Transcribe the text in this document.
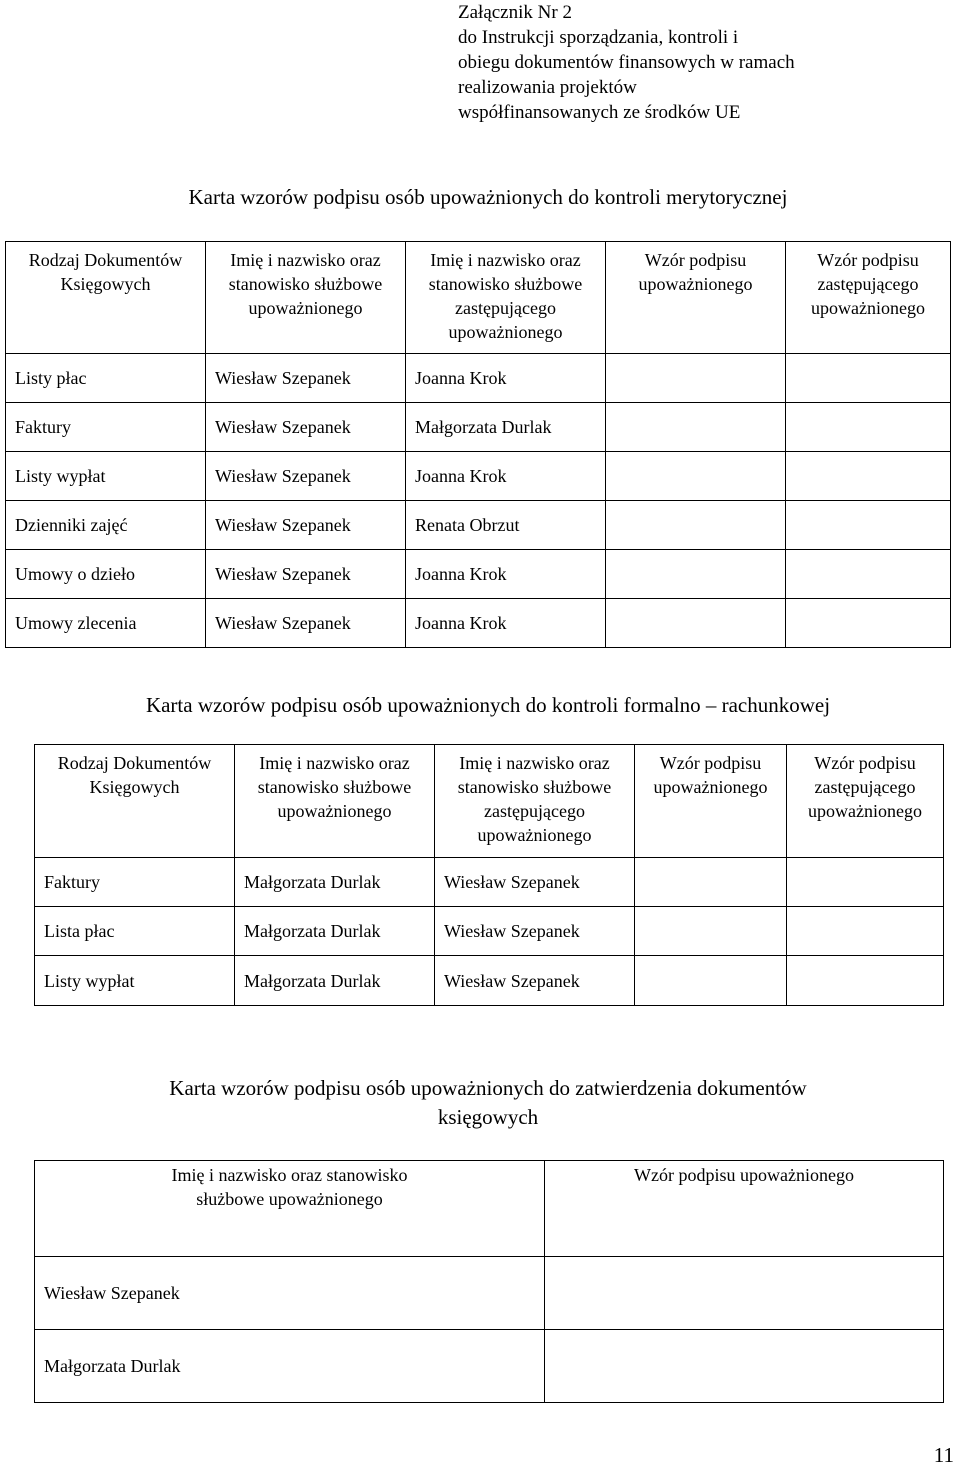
Załącznik Nr 2
do Instrukcji sporządzania, kontroli i
obiegu dokumentów finansowych w ramach
realizowania projektów
współfinansowanych ze środków UE
Karta wzorów podpisu osób upoważnionych do kontroli merytorycznej
Rodzaj Dokumentów Księgowych	Imię i nazwisko oraz stanowisko służbowe upoważnionego	Imię i nazwisko oraz stanowisko służbowe zastępującego upoważnionego	Wzór podpisu upoważnionego	Wzór podpisu zastępującego upoważnionego
Listy płac	Wiesław Szepanek	Joanna Krok		
Faktury	Wiesław Szepanek	Małgorzata Durlak		
Listy wypłat	Wiesław Szepanek	Joanna Krok		
Dzienniki zajęć	Wiesław Szepanek	Renata Obrzut		
Umowy o dzieło	Wiesław Szepanek	Joanna Krok		
Umowy zlecenia	Wiesław Szepanek	Joanna Krok		
Karta wzorów podpisu osób upoważnionych do kontroli formalno – rachunkowej
Rodzaj Dokumentów Księgowych	Imię i nazwisko oraz stanowisko służbowe upoważnionego	Imię i nazwisko oraz stanowisko służbowe zastępującego upoważnionego	Wzór podpisu upoważnionego	Wzór podpisu zastępującego upoważnionego
Faktury	Małgorzata Durlak	Wiesław Szepanek		
Lista płac	Małgorzata Durlak	Wiesław Szepanek		
Listy wypłat	Małgorzata Durlak	Wiesław Szepanek		
Karta wzorów podpisu osób upoważnionych do zatwierdzenia dokumentów
księgowych
Imię i nazwisko oraz stanowisko służbowe upoważnionego	Wzór podpisu upoważnionego
Wiesław Szepanek	
Małgorzata Durlak	
11
